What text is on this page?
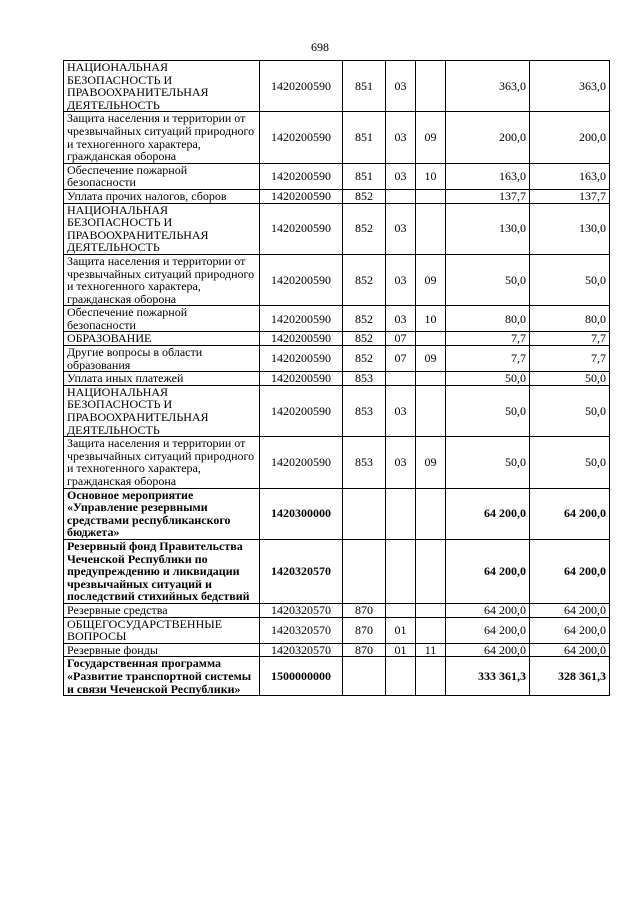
698
НАЦИОНАЛЬНАЯ БЕЗОПАСНОСТЬ И ПРАВООХРАНИТЕЛЬНАЯ ДЕЯТЕЛЬНОСТЬ	1420200590	851	03		363,0	363,0
Защита населения и территории от чрезвычайных ситуаций природного и техногенного характера, гражданская оборона	1420200590	851	03	09	200,0	200,0
Обеспечение пожарной безопасности	1420200590	851	03	10	163,0	163,0
Уплата прочих налогов, сборов	1420200590	852			137,7	137,7
НАЦИОНАЛЬНАЯ БЕЗОПАСНОСТЬ И ПРАВООХРАНИТЕЛЬНАЯ ДЕЯТЕЛЬНОСТЬ	1420200590	852	03		130,0	130,0
Защита населения и территории от чрезвычайных ситуаций природного и техногенного характера, гражданская оборона	1420200590	852	03	09	50,0	50,0
Обеспечение пожарной безопасности	1420200590	852	03	10	80,0	80,0
ОБРАЗОВАНИЕ	1420200590	852	07		7,7	7,7
Другие вопросы в области образования	1420200590	852	07	09	7,7	7,7
Уплата иных платежей	1420200590	853			50,0	50,0
НАЦИОНАЛЬНАЯ БЕЗОПАСНОСТЬ И ПРАВООХРАНИТЕЛЬНАЯ ДЕЯТЕЛЬНОСТЬ	1420200590	853	03		50,0	50,0
Защита населения и территории от чрезвычайных ситуаций природного и техногенного характера, гражданская оборона	1420200590	853	03	09	50,0	50,0
Основное мероприятие «Управление резервными средствами республиканского бюджета»	1420300000				64 200,0	64 200,0
Резервный фонд Правительства Чеченской Республики по предупреждению и ликвидации чрезвычайных ситуаций и последствий стихийных бедствий	1420320570				64 200,0	64 200,0
Резервные средства	1420320570	870			64 200,0	64 200,0
ОБЩЕГОСУДАРСТВЕННЫЕ ВОПРОСЫ	1420320570	870	01		64 200,0	64 200,0
Резервные фонды	1420320570	870	01	11	64 200,0	64 200,0
Государственная программа «Развитие транспортной системы и связи Чеченской Республики»	1500000000				333 361,3	328 361,3
